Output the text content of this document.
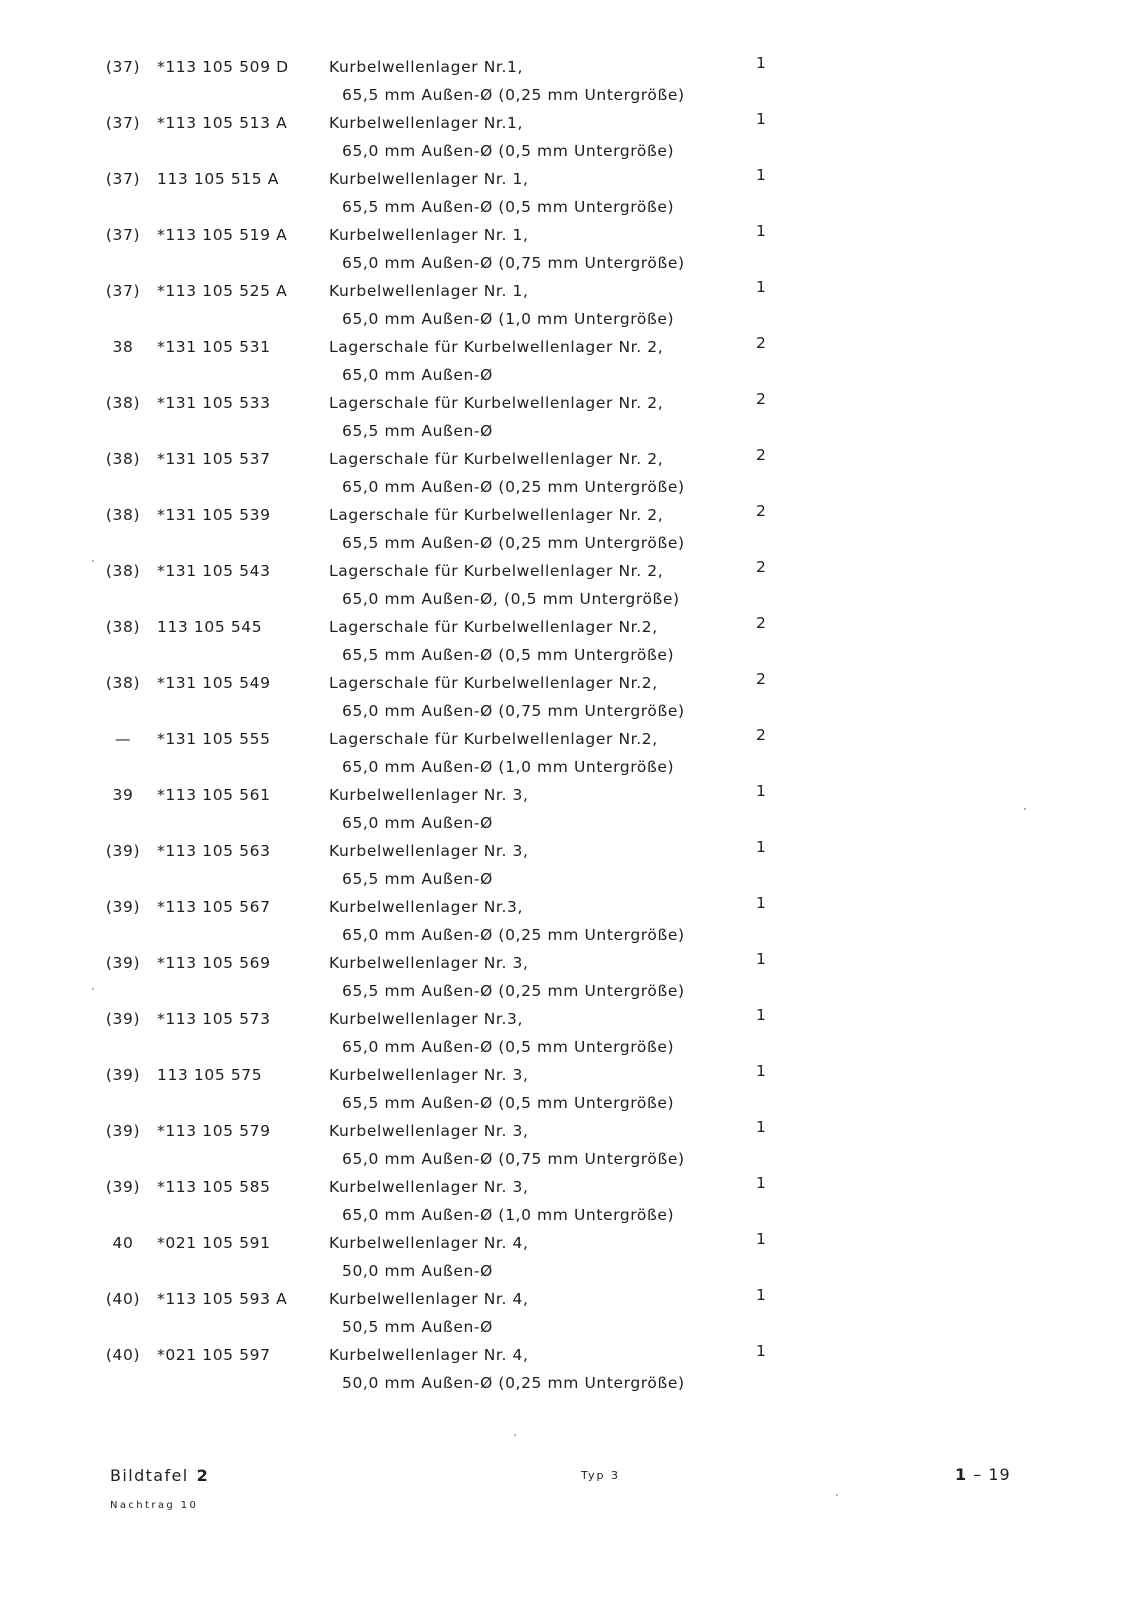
(37)	*113 105 509 D	Kurbelwellenlager Nr.1,
65,5 mm Außen-Ø (0,25 mm Untergröße)
1
(37)	*113 105 513 A	Kurbelwellenlager Nr.1,
65,0 mm Außen-Ø (0,5 mm Untergröße)
1
(37)	113 105 515 A	Kurbelwellenlager Nr. 1,
65,5 mm Außen-Ø (0,5 mm Untergröße)
1
(37)	*113 105 519 A	Kurbelwellenlager Nr. 1,
65,0 mm Außen-Ø (0,75 mm Untergröße)
1
(37)	*113 105 525 A	Kurbelwellenlager Nr. 1,
65,0 mm Außen-Ø (1,0 mm Untergröße)
1
38	*131 105 531	Lagerschale für Kurbelwellenlager Nr. 2,
65,0 mm Außen-Ø
2
(38)	*131 105 533	Lagerschale für Kurbelwellenlager Nr. 2,
65,5 mm Außen-Ø
2
(38)	*131 105 537	Lagerschale für Kurbelwellenlager Nr. 2,
65,0 mm Außen-Ø (0,25 mm Untergröße)
2
(38)	*131 105 539	Lagerschale für Kurbelwellenlager Nr. 2,
65,5 mm Außen-Ø (0,25 mm Untergröße)
2
(38)	*131 105 543	Lagerschale für Kurbelwellenlager Nr. 2,
65,0 mm Außen-Ø, (0,5 mm Untergröße)
2
(38)	113 105 545	Lagerschale für Kurbelwellenlager Nr.2,
65,5 mm Außen-Ø (0,5 mm Untergröße)
2
(38)	*131 105 549	Lagerschale für Kurbelwellenlager Nr.2,
65,0 mm Außen-Ø (0,75 mm Untergröße)
2
—	*131 105 555	Lagerschale für Kurbelwellenlager Nr.2,
65,0 mm Außen-Ø (1,0 mm Untergröße)
2
39	*113 105 561	Kurbelwellenlager Nr. 3,
65,0 mm Außen-Ø
1
(39)	*113 105 563	Kurbelwellenlager Nr. 3,
65,5 mm Außen-Ø
1
(39)	*113 105 567	Kurbelwellenlager Nr.3,
65,0 mm Außen-Ø (0,25 mm Untergröße)
1
(39)	*113 105 569	Kurbelwellenlager Nr. 3,
65,5 mm Außen-Ø (0,25 mm Untergröße)
1
(39)	*113 105 573	Kurbelwellenlager Nr.3,
65,0 mm Außen-Ø (0,5 mm Untergröße)
1
(39)	113 105 575	Kurbelwellenlager Nr. 3,
65,5 mm Außen-Ø (0,5 mm Untergröße)
1
(39)	*113 105 579	Kurbelwellenlager Nr. 3,
65,0 mm Außen-Ø (0,75 mm Untergröße)
1
(39)	*113 105 585	Kurbelwellenlager Nr. 3,
65,0 mm Außen-Ø (1,0 mm Untergröße)
1
40	*021 105 591	Kurbelwellenlager Nr. 4,
50,0 mm Außen-Ø
1
(40)	*113 105 593 A	Kurbelwellenlager Nr. 4,
50,5 mm Außen-Ø
1
(40)	*021 105 597	Kurbelwellenlager Nr. 4,
50,0 mm Außen-Ø (0,25 mm Untergröße)
1
Bildtafel 2
Nachtrag 10
Typ 3	1 – 19
